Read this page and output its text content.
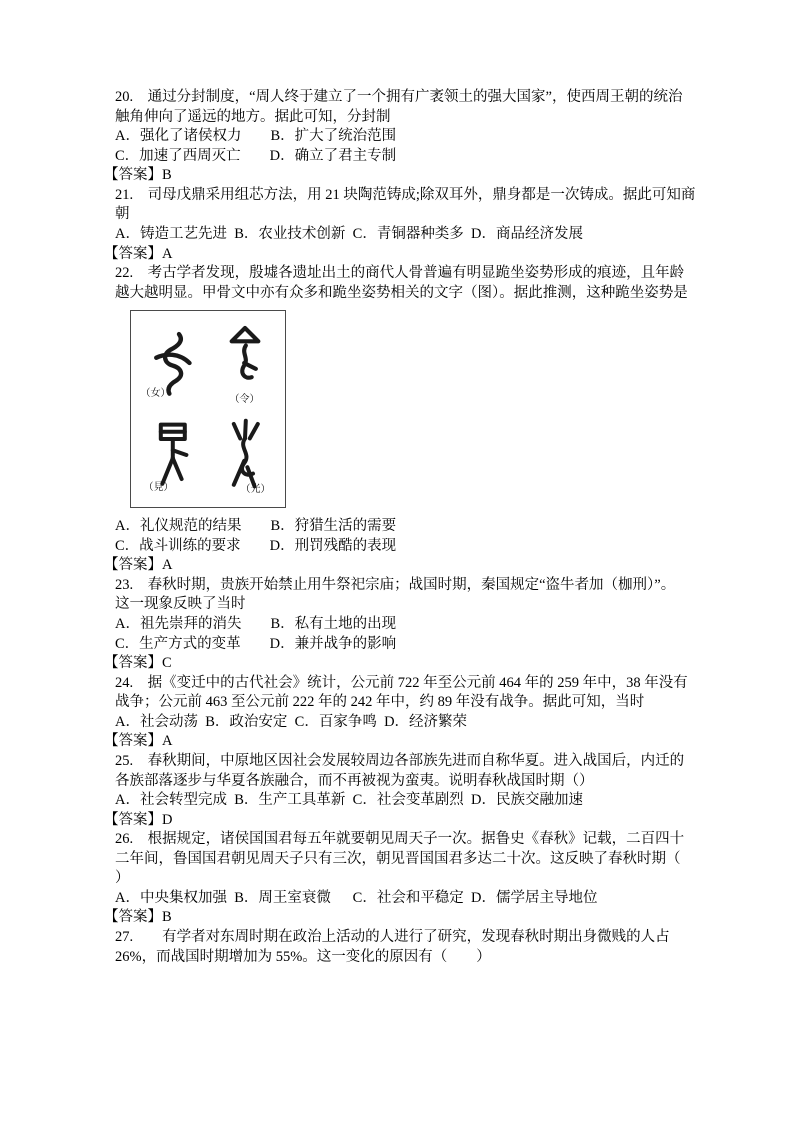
20.　通过分封制度，“周人终于建立了一个拥有广袤领土的强大国家”，使西周王朝的统治
触角伸向了遥远的地方。据此可知，分封制
A．强化了诸侯权力　　B．扩大了统治范围
C．加速了西周灭亡　　D．确立了君主专制
【答案】B
21.　司母戊鼎采用组芯方法，用 21 块陶范铸成;除双耳外，鼎身都是一次铸成。据此可知商
朝
A．铸造工艺先进  B．农业技术创新  C．青铜器种类多  D．商品经济发展
【答案】A
22.　考古学者发现，殷墟各遗址出土的商代人骨普遍有明显跪坐姿势形成的痕迹，且年龄
越大越明显。甲骨文中亦有众多和跪坐姿势相关的文字（图）。据此推测，这种跪坐姿势是
（女）
（令）
（見）	（光）
A．礼仪规范的结果　　B．狩猎生活的需要
C．战斗训练的要求　　D．刑罚残酷的表现
【答案】A
23.　春秋时期，贵族开始禁止用牛祭祀宗庙；战国时期，秦国规定“盗牛者加（枷刑）”。
这一现象反映了当时
A．祖先崇拜的消失　　B．私有土地的出现
C．生产方式的变革　　D．兼并战争的影响
【答案】C
24.　据《变迁中的古代社会》统计，公元前 722 年至公元前 464 年的 259 年中，38 年没有
战争；公元前 463 至公元前 222 年的 242 年中，约 89 年没有战争。据此可知，当时
A．社会动荡  B．政治安定  C．百家争鸣  D．经济繁荣
【答案】A
25.　春秋期间，中原地区因社会发展较周边各部族先进而自称华夏。进入战国后，内迁的
各族部落逐步与华夏各族融合，而不再被视为蛮夷。说明春秋战国时期（）
A．社会转型完成  B．生产工具革新  C．社会变革剧烈  D．民族交融加速
【答案】D
26.　根据规定，诸侯国国君每五年就要朝见周天子一次。据鲁史《春秋》记载，二百四十
二年间，鲁国国君朝见周天子只有三次，朝见晋国国君多达二十次。这反映了春秋时期（
）
A．中央集权加强  B．周王室衰微　  C．社会和平稳定  D．儒学居主导地位
【答案】B
27.　　有学者对东周时期在政治上活动的人进行了研究，发现春秋时期出身微贱的人占
26%，而战国时期增加为 55%。这一变化的原因有（　　）
